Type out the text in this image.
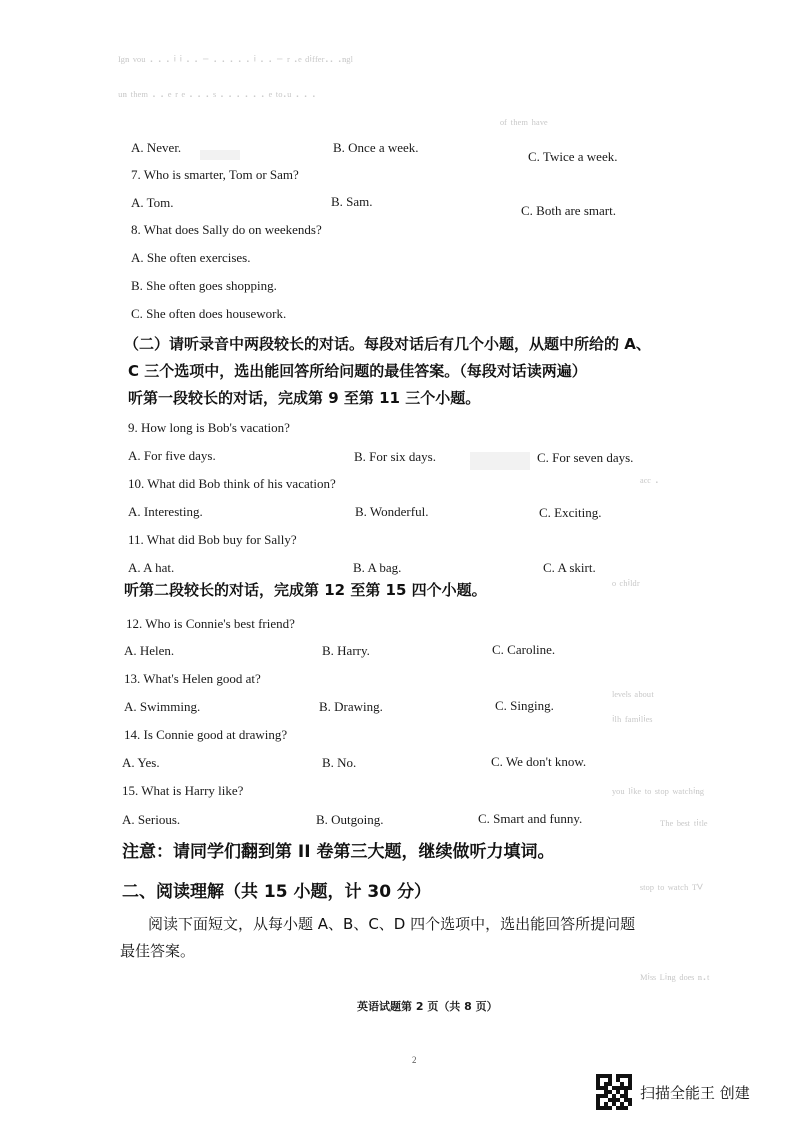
ᴵᵍⁿ ᵛᵒᵘ · · · ⁱ ⁱ · · ⁻ · · · · · ⁱ · · ⁻ ʳ ·ᵉ ᵈⁱᶠᶠᵉʳ·· ·ⁿᵍˡ
ᵘⁿ ᵗʰᵉᵐ · · ᵉ ʳ ᵉ · · · ˢ · · · · · · ᵉ ᵗᵒ·ᵘ · · ·
ᵒᶠ ᵗʰᵉᵐ ʰᵃᵛᵉ
ᵃᶜᶜ ·
ᵒ ᶜʰⁱˡᵈʳ
ˡᵉᵛᵉˡˢ ᵃᵇᵒᵘᵗ
ⁱˡʰ ᶠᵃᵐⁱˡⁱᵉˢ
ʸᵒᵘ ˡⁱᵏᵉ ᵗᵒ ˢᵗᵒᵖ ʷᵃᵗᶜʰⁱⁿᵍ
ᵀʰᵉ ᵇᵉˢᵗ ᵗⁱᵗˡᵉ
ˢᵗᵒᵖ ᵗᵒ ʷᵃᵗᶜʰ ᵀⱽ
ᴹⁱˢˢ ᴸⁱⁿᵍ ᵈᵒᵉˢ ⁿ·ᵗ
A. Never.	B. Once a week.
C. Twice a week.
7. Who is smarter, Tom or Sam?
A. Tom.	B. Sam.
C. Both are smart.
8. What does Sally do on weekends?
A. She often exercises.
B. She often goes shopping.
C. She often does housework.
（二）请听录音中两段较长的对话。每段对话后有几个小题，从题中所给的 A、
C 三个选项中，选出能回答所给问题的最佳答案。（每段对话读两遍）
听第一段较长的对话，完成第 9 至第 11 三个小题。
9. How long is Bob's vacation?
A. For five days.	B. For six days.	C. For seven days.
10. What did Bob think of his vacation?
A. Interesting.	B. Wonderful.	C. Exciting.
11. What did Bob buy for Sally?
A. A hat.	B. A bag.	C. A skirt.
听第二段较长的对话，完成第 12 至第 15 四个小题。
12. Who is Connie's best friend?
A. Helen.	B. Harry.	C. Caroline.
13. What's Helen good at?
A. Swimming.	B. Drawing.	C. Singing.
14. Is Connie good at drawing?
A. Yes.	B. No.	C. We don't know.
15. What is Harry like?
A. Serious.	B. Outgoing.	C. Smart and funny.
注意：请同学们翻到第 II 卷第三大题，继续做听力填词。
二、阅读理解（共 15 小题，计 30 分）
阅读下面短文，从每小题 A、B、C、D 四个选项中，选出能回答所提问题
最佳答案。
英语试题第 2 页（共 8 页）
2
扫描全能王 创建
